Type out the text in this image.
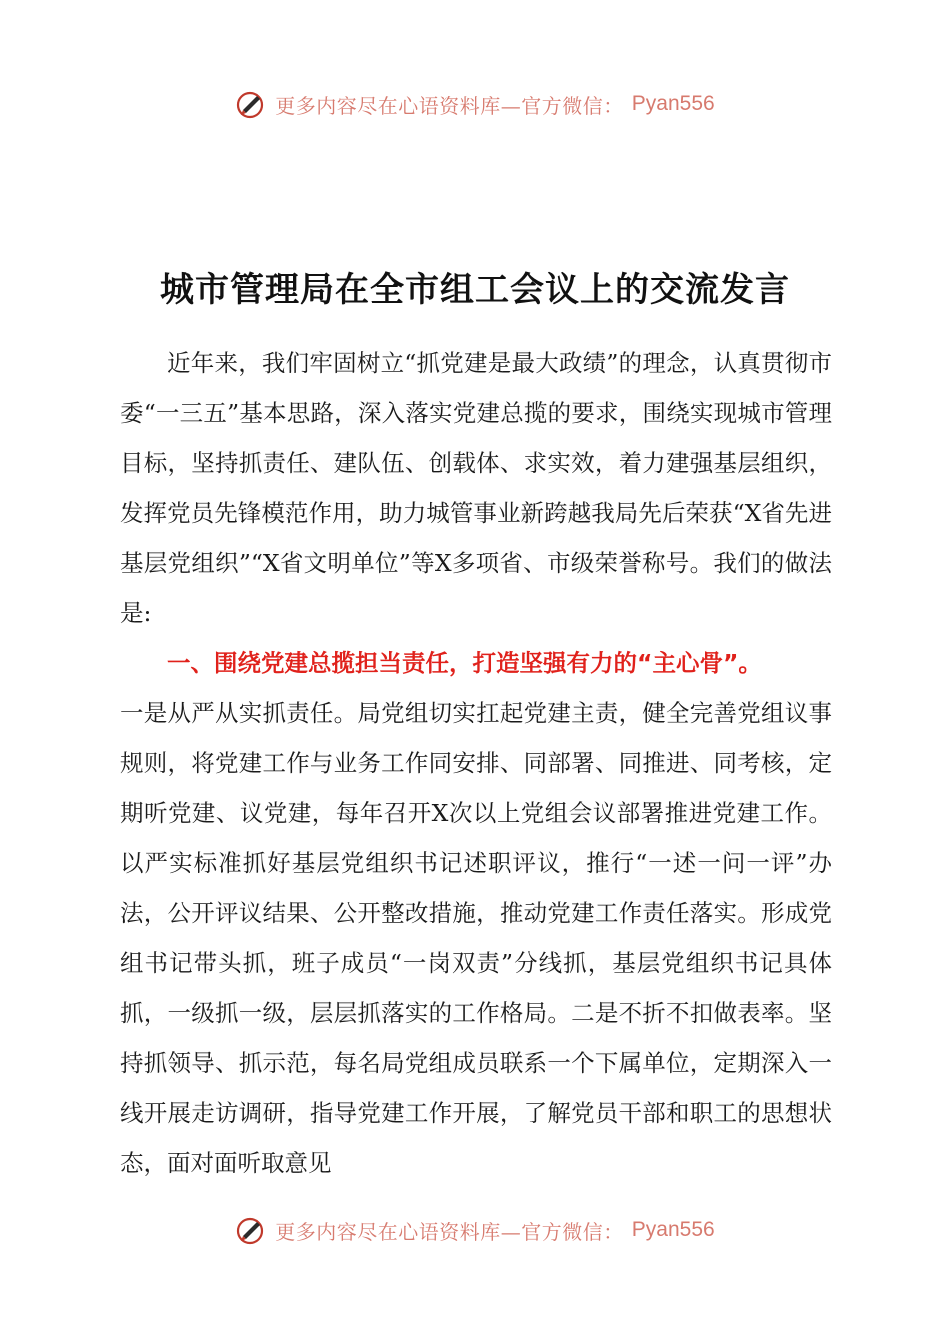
更多内容尽在心语资料库—官方微信： Pyan556
城市管理局在全市组工会议上的交流发言

近年来，我们牢固树立“抓党建是最大政绩”的理念，认真贯彻市委“一三五”基本思路，深入落实党建总揽的要求，围绕实现城市管理目标，坚持抓责任、建队伍、创载体、求实效，着力建强基层组织，发挥党员先锋模范作用，助力城管事业新跨越我局先后荣获“X省先进基层党组织”“X省文明单位”等X多项省、市级荣誉称号。我们的做法是:

一、围绕党建总揽担当责任，打造坚强有力的“主心骨”。

一是从严从实抓责任。局党组切实扛起党建主责，健全完善党组议事规则，将党建工作与业务工作同安排、同部署、同推进、同考核，定期听党建、议党建，每年召开X次以上党组会议部署推进党建工作。以严实标准抓好基层党组织书记述职评议，推行“一述一问一评”办法，公开评议结果、公开整改措施，推动党建工作责任落实。形成党组书记带头抓，班子成员“一岗双责”分线抓，基层党组织书记具体抓，一级抓一级，层层抓落实的工作格局。二是不折不扣做表率。坚持抓领导、抓示范，每名局党组成员联系一个下属单位，定期深入一线开展走访调研，指导党建工作开展，了解党员干部和职工的思想状态，面对面听取意见

更多内容尽在心语资料库—官方微信： Pyan556
